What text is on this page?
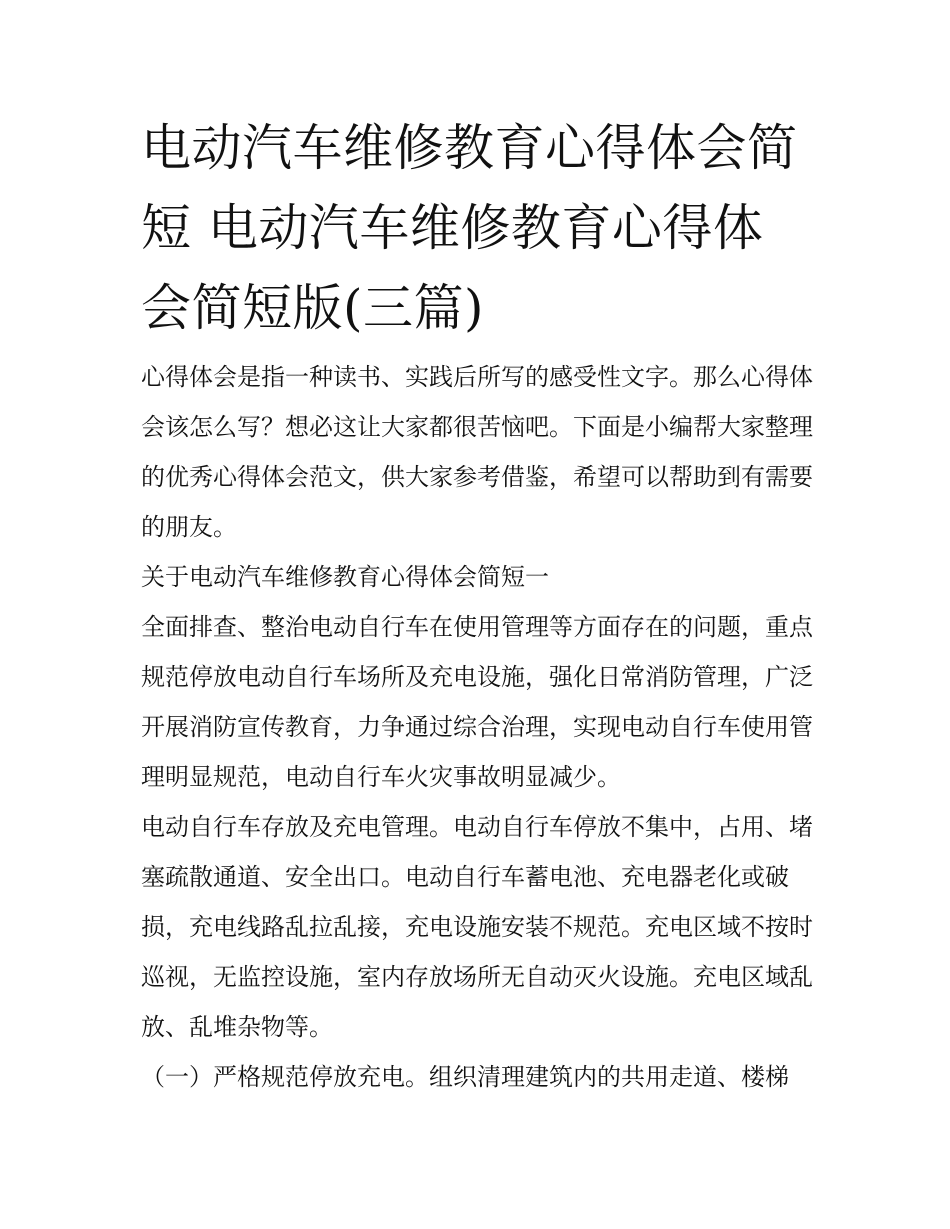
电动汽车维修教育心得体会简短 电动汽车维修教育心得体会简短版(三篇)

心得体会是指一种读书、实践后所写的感受性文字。那么心得体会该怎么写？想必这让大家都很苦恼吧。下面是小编帮大家整理的优秀心得体会范文，供大家参考借鉴，希望可以帮助到有需要的朋友。

关于电动汽车维修教育心得体会简短一

全面排查、整治电动自行车在使用管理等方面存在的问题，重点规范停放电动自行车场所及充电设施，强化日常消防管理，广泛开展消防宣传教育，力争通过综合治理，实现电动自行车使用管理明显规范，电动自行车火灾事故明显减少。

电动自行车存放及充电管理。电动自行车停放不集中，占用、堵塞疏散通道、安全出口。电动自行车蓄电池、充电器老化或破损，充电线路乱拉乱接，充电设施安装不规范。充电区域不按时巡视，无监控设施，室内存放场所无自动灭火设施。充电区域乱放、乱堆杂物等。

（一）严格规范停放充电。组织清理建筑内的共用走道、楼梯
